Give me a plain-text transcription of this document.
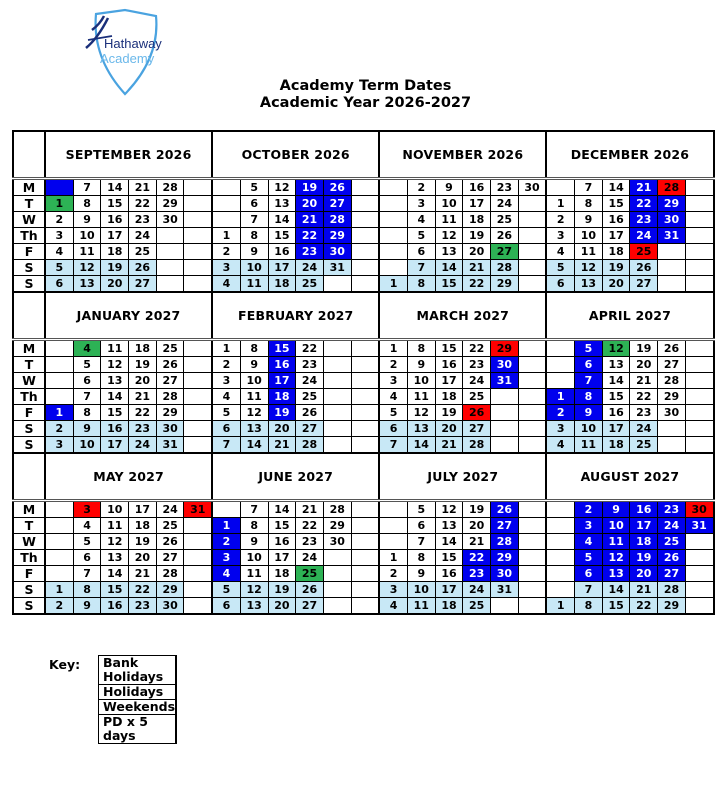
Hathaway
Academy
Academy Term Dates
Academic Year 2026-2027
	SEPTEMBER 2026						OCTOBER 2026						NOVEMBER 2026						DECEMBER 2026					
M		7	14	21	28			5	12	19	26			2	9	16	23	30		7	14	21	28	
T	1	8	15	22	29			6	13	20	27			3	10	17	24		1	8	15	22	29	
W	2	9	16	23	30			7	14	21	28			4	11	18	25		2	9	16	23	30	
Th	3	10	17	24			1	8	15	22	29			5	12	19	26		3	10	17	24	31	
F	4	11	18	25			2	9	16	23	30			6	13	20	27		4	11	18	25		
S	5	12	19	26			3	10	17	24	31			7	14	21	28		5	12	19	26		
S	6	13	20	27			4	11	18	25			1	8	15	22	29		6	13	20	27		
	JANUARY 2027						FEBRUARY 2027						MARCH 2027						APRIL 2027					
M		4	11	18	25		1	8	15	22			1	8	15	22	29			5	12	19	26	
T		5	12	19	26		2	9	16	23			2	9	16	23	30			6	13	20	27	
W		6	13	20	27		3	10	17	24			3	10	17	24	31			7	14	21	28	
Th		7	14	21	28		4	11	18	25			4	11	18	25			1	8	15	22	29	
F	1	8	15	22	29		5	12	19	26			5	12	19	26			2	9	16	23	30	
S	2	9	16	23	30		6	13	20	27			6	13	20	27			3	10	17	24		
S	3	10	17	24	31		7	14	21	28			7	14	21	28			4	11	18	25		
	MAY 2027						JUNE 2027						JULY 2027						AUGUST 2027					
M		3	10	17	24	31		7	14	21	28			5	12	19	26			2	9	16	23	30
T		4	11	18	25		1	8	15	22	29			6	13	20	27			3	10	17	24	31
W		5	12	19	26		2	9	16	23	30			7	14	21	28			4	11	18	25	
Th		6	13	20	27		3	10	17	24			1	8	15	22	29			5	12	19	26	
F		7	14	21	28		4	11	18	25			2	9	16	23	30			6	13	20	27	
S	1	8	15	22	29		5	12	19	26			3	10	17	24	31			7	14	21	28	
S	2	9	16	23	30		6	13	20	27			4	11	18	25			1	8	15	22	29	
Key: Bank Holidays	
Holidays	
Weekends	
PD x 5 days	
